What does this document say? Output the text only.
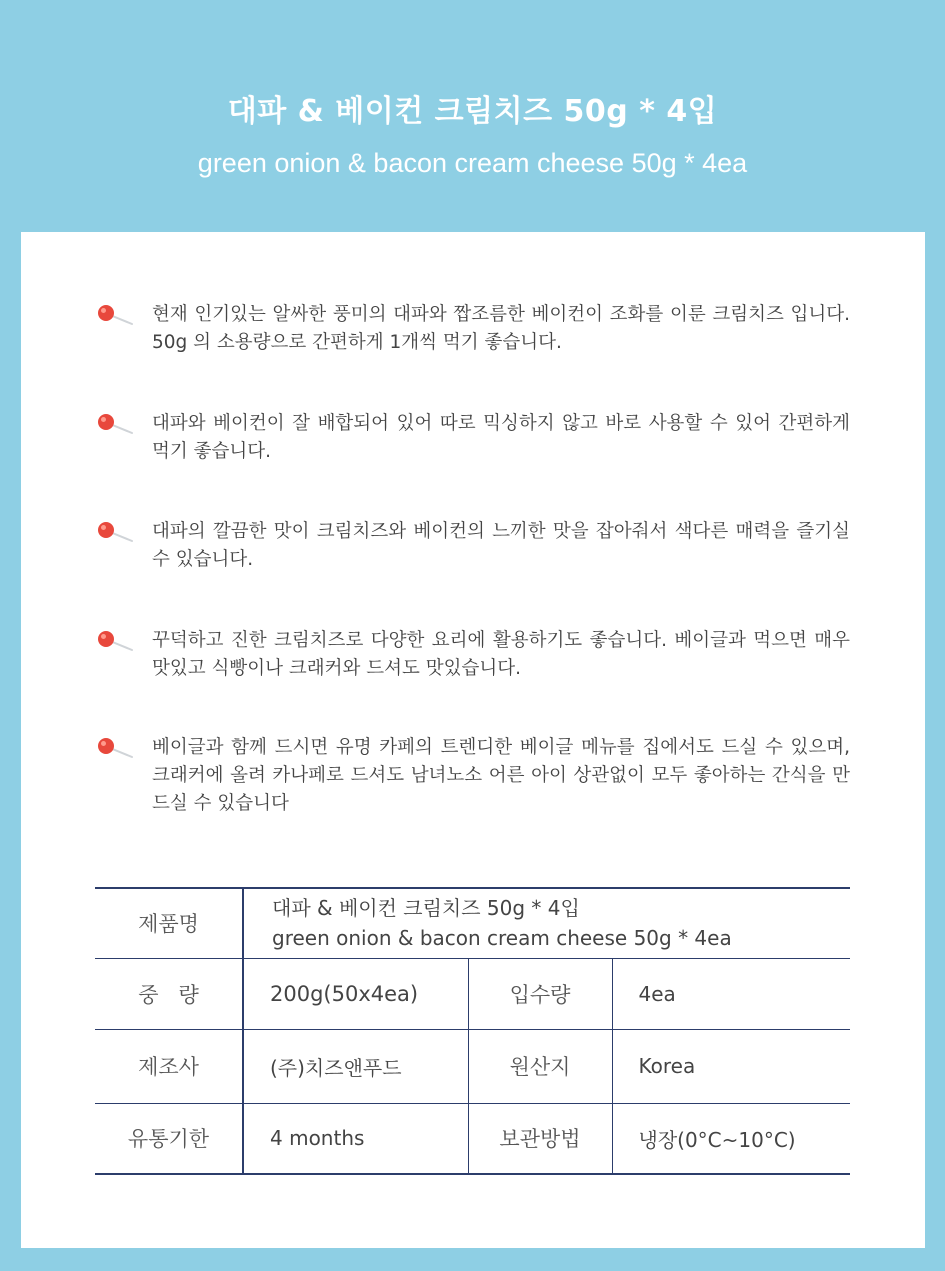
대파 & 베이컨 크림치즈 50g * 4입
green onion & bacon cream cheese 50g * 4ea
현재 인기있는 알싸한 풍미의 대파와 짭조름한 베이컨이 조화를 이룬 크림치즈 입니다. 50g 의 소용량으로 간편하게 1개씩 먹기 좋습니다.
대파와 베이컨이 잘 배합되어 있어 따로 믹싱하지 않고 바로 사용할 수 있어 간편하게 먹기 좋습니다.
대파의 깔끔한 맛이 크림치즈와 베이컨의 느끼한 맛을 잡아줘서 색다른 매력을 즐기실 수 있습니다.
꾸덕하고 진한 크림치즈로 다양한 요리에 활용하기도 좋습니다. 베이글과 먹으면 매우 맛있고 식빵이나 크래커와 드셔도 맛있습니다.
베이글과 함께 드시면 유명 카페의 트렌디한 베이글 메뉴를 집에서도 드실 수 있으며, 크래커에 올려 카나페로 드셔도 남녀노소 어른 아이 상관없이 모두 좋아하는 간식을 만드실 수 있습니다
제품명	대파 & 베이컨 크림치즈 50g * 4입
green onion & bacon cream cheese 50g * 4ea		

중   량	200g(50x4ea)	입수량	4ea
제조사	(주)치즈앤푸드	원산지	Korea
유통기한	4 months	보관방법	냉장(0°C~10°C)
